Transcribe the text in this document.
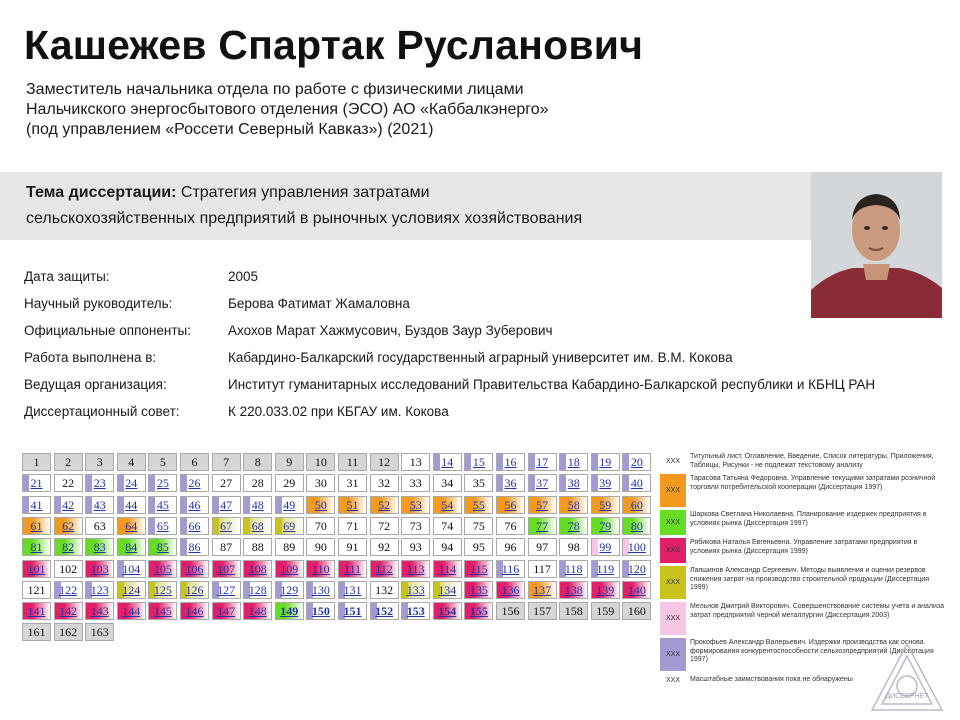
Кашежев Спартак Русланович
Заместитель начальника отдела по работе с физическими лицами
Нальчикского энергосбытового отделения (ЭСО) АО «Каббалкэнерго»
(под управлением «Россети Северный Кавказ») (2021)
Тема диссертации: Стратегия управления затратами
сельскохозяйственных предприятий в рыночных условиях хозяйствования
Дата защиты:	2005
Научный руководитель:	Берова Фатимат Жамаловна
Официальные оппоненты:	Ахохов Марат Хажмусович, Буздов Заур Зуберович
Работа выполнена в:	Кабардино-Балкарский государственный аграрный университет им. В.М. Кокова
Ведущая организация:	Институт гуманитарных исследований Правительства Кабардино-Балкарской республики и КБНЦ РАН
Диссертационный совет:	К 220.033.02 при КБГАУ им. Кокова
1	2	3	4	5	6	7	8	9	10	11	12	13	14	15	16	17	18	19	20
21	22	23	24	25	26	27	28	29	30	31	32	33	34	35	36	37	38	39	40
41	42	43	44	45	46	47	48	49	50	51	52	53	54	55	56	57	58	59	60
61	62	63	64	65	66	67	68	69	70	71	72	73	74	75	76	77	78	79	80
81	82	83	84	85	86	87	88	89	90	91	92	93	94	95	96	97	98	99	100
101	102	103	104	105	106	107	108	109	110	111	112	113	114	115	116	117	118	119	120
121	122	123	124	125	126	127	128	129	130	131	132	133	134	135	136	137	138	139	140
141	142	143	144	145	146	147	148	149	150	151	152	153	154	155	156	157	158	159	160
161	162	163
XXX
Титульный лист, Оглавление, Введение, Список литературы, Приложения, Таблицы, Рисунки - не подлежат текстовому анализу
XXX
Тарасова Татьяна Федоровна. Управление текущими затратами розничной торговли потребительской кооперации (Диссертация 1997)
XXX
Шаркова Светлана Николаевна. Планирование издержек предприятия в условиях рынка (Диссертация 1997)
XXX
Рябикова Наталья Евгеньевна. Управление затратами предприятия в условиях рынка (Диссертация 1999)
XXX
Лапшинов Александр Сергеевич. Методы выявления и оценки резервов снижения затрат на производство строительной продукции (Диссертация 1999)
XXX
Мельнов Дмитрий Викторович. Совершенствование системы учета и анализа затрат предприятий черной металлургии (Диссертация 2003)
XXX
Прокофьев Александр Валерьевич. Издержки производства как основа формирования конкурентоспособности сельхозпредприятий (Диссертация 1997)
XXX	Масштабные заимствования пока не обнаружены
ДИССЕРНЕТ
